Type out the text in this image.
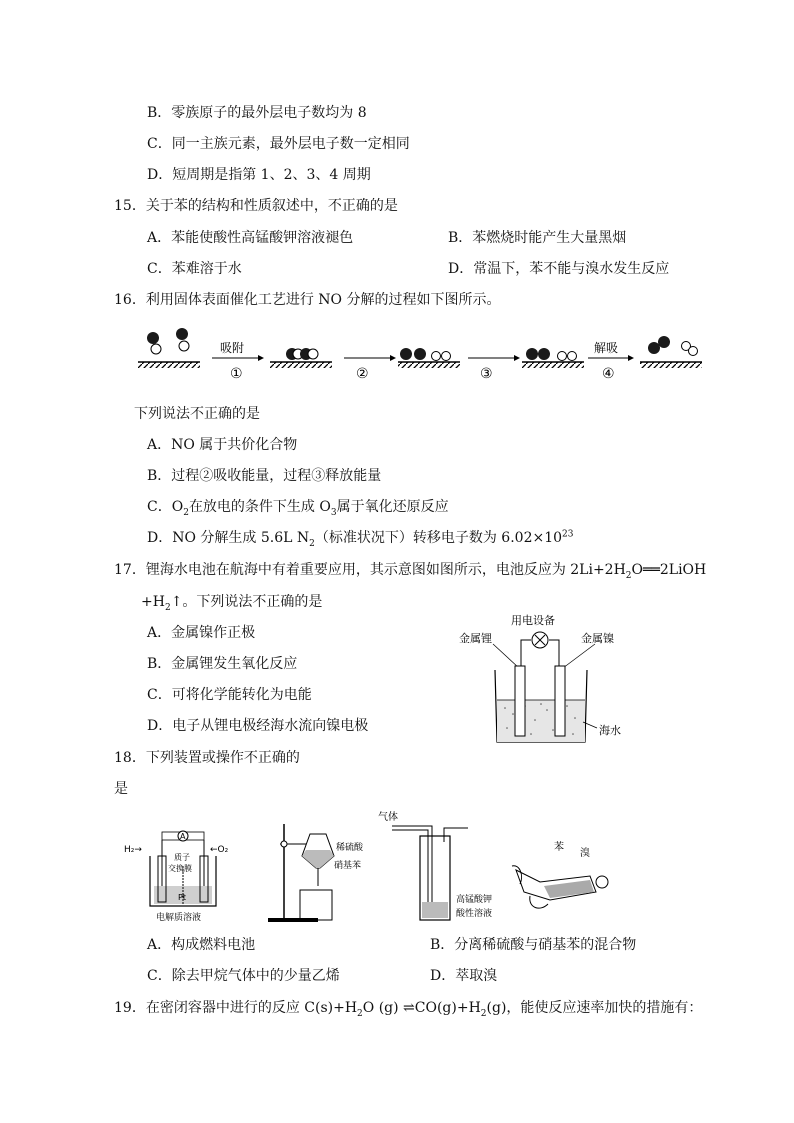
B．零族原子的最外层电子数均为 8
C．同一主族元素，最外层电子数一定相同
D．短周期是指第 1、2、3、4 周期
15．关于苯的结构和性质叙述中，不正确的是
A．苯能使酸性高锰酸钾溶液褪色	B．苯燃烧时能产生大量黑烟
C．苯难溶于水	D．常温下，苯不能与溴水发生反应
16．利用固体表面催化工艺进行 NO 分解的过程如下图所示。
吸附
①	②	③
解吸
④
下列说法不正确的是
A．NO 属于共价化合物
B．过程②吸收能量，过程③释放能量
C．$O_2$在放电的条件下生成 $O_3$属于氧化还原反应
D．NO 分解生成 5.6L $N_2$（标准状况下）转移电子数为 $6.02\times 10^{23}$
17．锂海水电池在航海中有着重要应用，其示意图如图所示，电池反应为 $2Li+2H_2O══2LiOH$
$+H_2↑$。下列说法不正确的是
A．金属镍作正极
B．金属锂发生氧化反应
C．可将化学能转化为电能
D．电子从锂电极经海水流向镍电极
用电设备
金属锂	金属镍
海水
18．下列装置或操作不正确的
是
H₂→	←O₂
A
质子
交换膜
Pt
电解质溶液
稀硫酸
硝基苯
气体
高锰酸钾
酸性溶液
苯
溴
A．构成燃料电池	B．分离稀硫酸与硝基苯的混合物
C．除去甲烷气体中的少量乙烯	D．萃取溴
19．在密闭容器中进行的反应 $C(s)+H_2O$ (g) $\rightleftharpoons CO(g)+H_2(g)$，能使反应速率加快的措施有：
